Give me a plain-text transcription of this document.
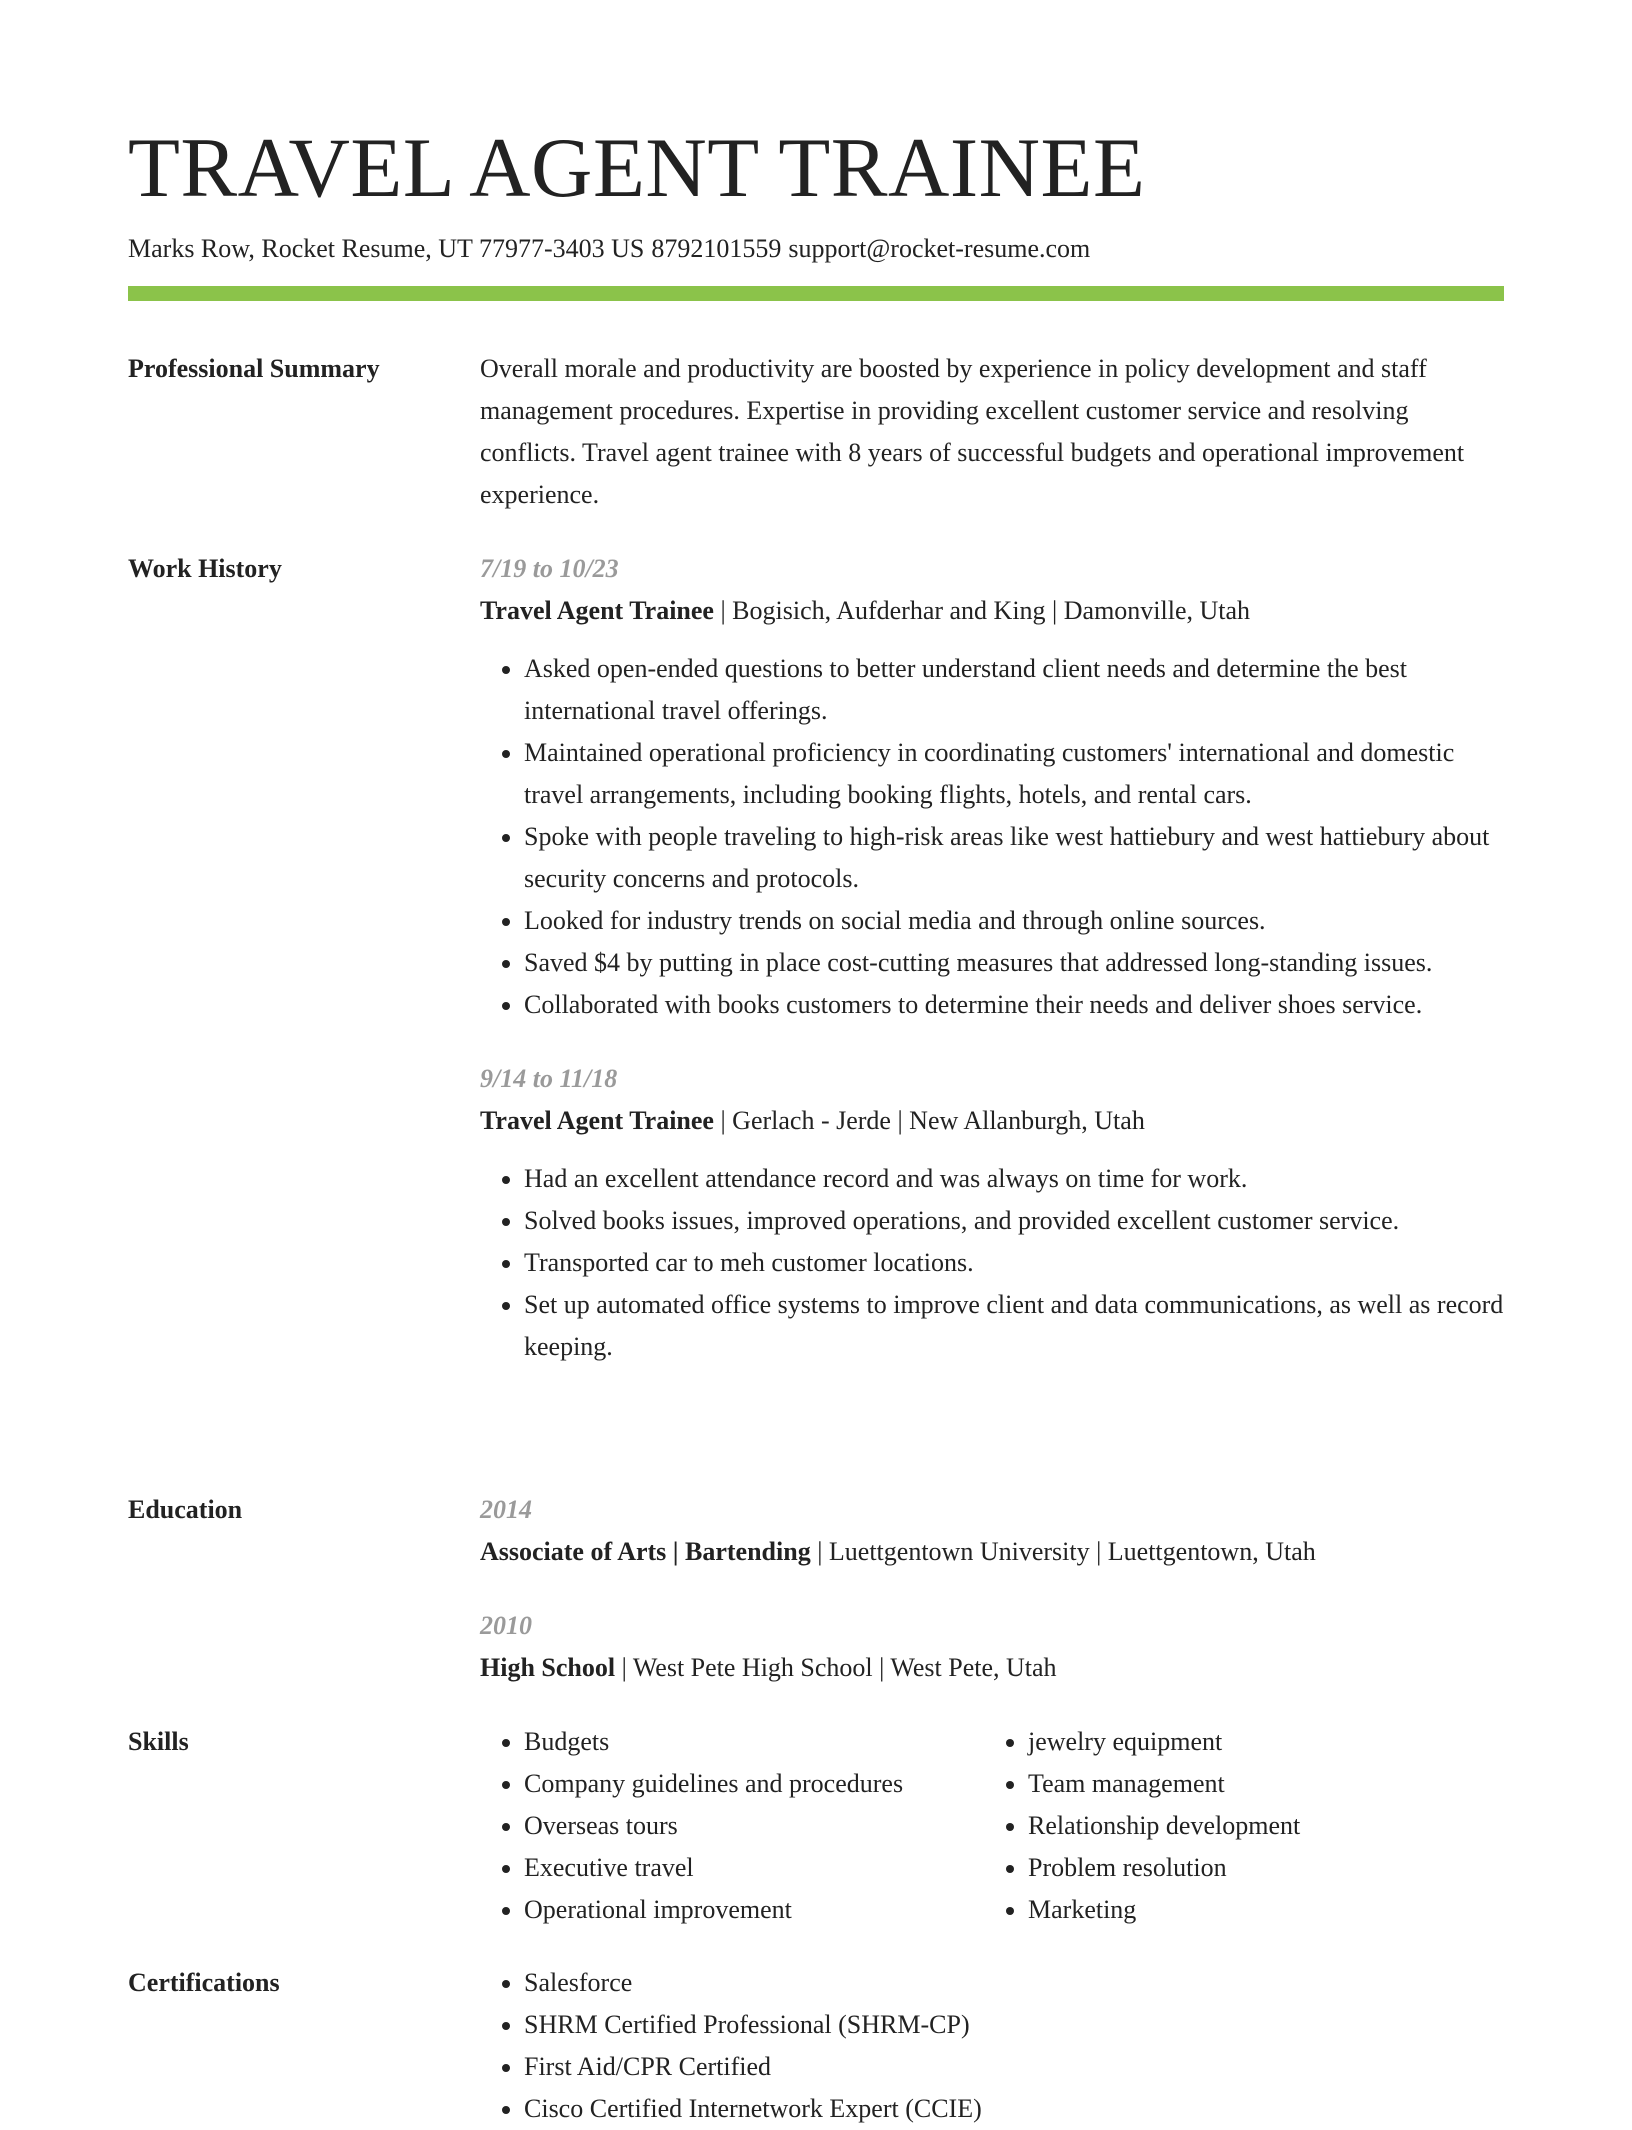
TRAVEL AGENT TRAINEE
Marks Row, Rocket Resume, UT 77977-3403 US 8792101559 support@rocket-resume.com
Professional Summary	Overall morale and productivity are boosted by experience in policy development and staff management procedures. Expertise in providing excellent customer service and resolving conflicts. Travel agent trainee with 8 years of successful budgets and operational improvement experience.
Work History	7/19 to 10/23
Travel Agent Trainee | Bogisich, Aufderhar and King | Damonville, Utah
• Asked open-ended questions to better understand client needs and determine the best international travel offerings.
• Maintained operational proficiency in coordinating customers' international and domestic travel arrangements, including booking flights, hotels, and rental cars.
• Spoke with people traveling to high-risk areas like west hattiebury and west hattiebury about security concerns and protocols.
• Looked for industry trends on social media and through online sources.
• Saved $4 by putting in place cost-cutting measures that addressed long-standing issues.
• Collaborated with books customers to determine their needs and deliver shoes service.
9/14 to 11/18
Travel Agent Trainee | Gerlach - Jerde | New Allanburgh, Utah
• Had an excellent attendance record and was always on time for work.
• Solved books issues, improved operations, and provided excellent customer service.
• Transported car to meh customer locations.
• Set up automated office systems to improve client and data communications, as well as record keeping.
Education	2014
Associate of Arts | Bartending | Luettgentown University | Luettgentown, Utah
2010
High School | West Pete High School | West Pete, Utah
Skills	• Budgets
• Company guidelines and procedures
• Overseas tours
• Executive travel
• Operational improvement
• jewelry equipment
• Team management
• Relationship development
• Problem resolution
• Marketing
Certifications	• Salesforce
• SHRM Certified Professional (SHRM-CP)
• First Aid/CPR Certified
• Cisco Certified Internetwork Expert (CCIE)
